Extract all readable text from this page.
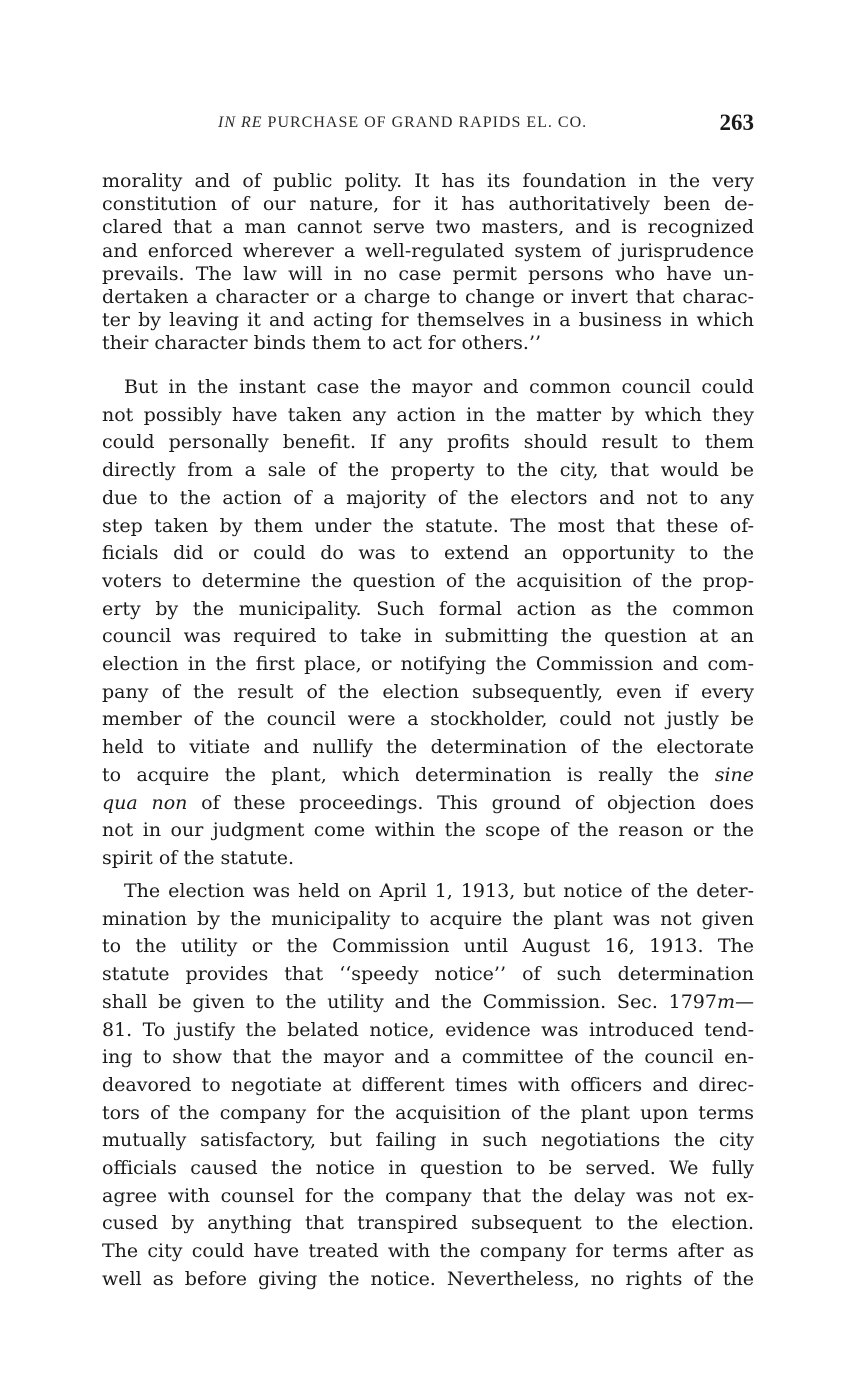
IN RE PURCHASE OF GRAND RAPIDS EL. CO.	263
morality and of public polity. It has its foundation in the very
constitution of our nature, for it has authoritatively been de-
clared that a man cannot serve two masters, and is recognized
and enforced wherever a well-regulated system of jurisprudence
prevails. The law will in no case permit persons who have un-
dertaken a character or a charge to change or invert that charac-
ter by leaving it and acting for themselves in a business in which
their character binds them to act for others.’’
But in the instant case the mayor and common council could
not possibly have taken any action in the matter by which they
could personally benefit. If any profits should result to them
directly from a sale of the property to the city, that would be
due to the action of a majority of the electors and not to any
step taken by them under the statute. The most that these of-
ficials did or could do was to extend an opportunity to the
voters to determine the question of the acquisition of the prop-
erty by the municipality. Such formal action as the common
council was required to take in submitting the question at an
election in the first place, or notifying the Commission and com-
pany of the result of the election subsequently, even if every
member of the council were a stockholder, could not justly be
held to vitiate and nullify the determination of the electorate
to acquire the plant, which determination is really the sine
qua non of these proceedings. This ground of objection does
not in our judgment come within the scope of the reason or the
spirit of the statute.
The election was held on April 1, 1913, but notice of the deter-
mination by the municipality to acquire the plant was not given
to the utility or the Commission until August 16, 1913. The
statute provides that ‘‘speedy notice’’ of such determination
shall be given to the utility and the Commission. Sec. 1797m—
81. To justify the belated notice, evidence was introduced tend-
ing to show that the mayor and a committee of the council en-
deavored to negotiate at different times with officers and direc-
tors of the company for the acquisition of the plant upon terms
mutually satisfactory, but failing in such negotiations the city
officials caused the notice in question to be served. We fully
agree with counsel for the company that the delay was not ex-
cused by anything that transpired subsequent to the election.
The city could have treated with the company for terms after as
well as before giving the notice. Nevertheless, no rights of the
